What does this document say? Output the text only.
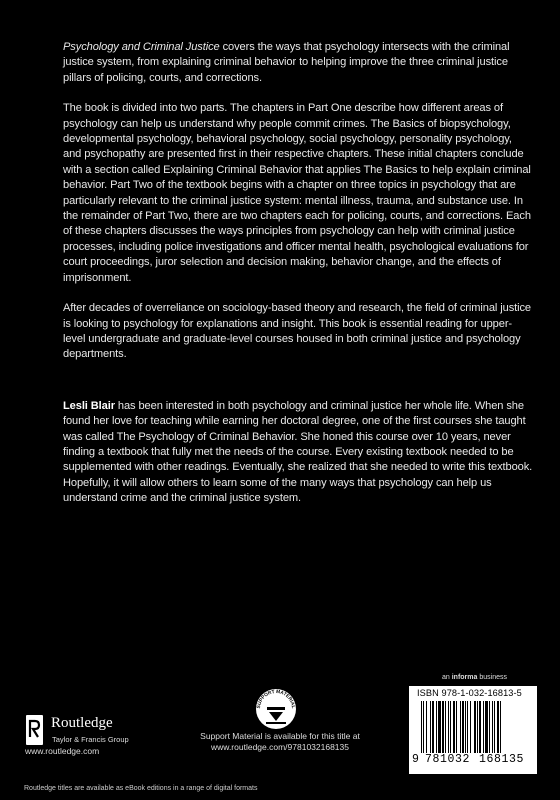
Psychology and Criminal Justice covers the ways that psychology intersects with the criminal justice system, from explaining criminal behavior to helping improve the three criminal justice pillars of policing, courts, and corrections.

The book is divided into two parts. The chapters in Part One describe how different areas of psychology can help us understand why people commit crimes. The Basics of biopsychology, developmental psychology, behavioral psychology, social psychology, personality psychology, and psychopathy are presented first in their respective chapters. These initial chapters conclude with a section called Explaining Criminal Behavior that applies The Basics to help explain criminal behavior. Part Two of the textbook begins with a chapter on three topics in psychology that are particularly relevant to the criminal justice system: mental illness, trauma, and substance use. In the remainder of Part Two, there are two chapters each for policing, courts, and corrections. Each of these chapters discusses the ways principles from psychology can help with criminal justice processes, including police investigations and officer mental health, psychological evaluations for court proceedings, juror selection and decision making, behavior change, and the effects of imprisonment.

After decades of overreliance on sociology-based theory and research, the field of criminal justice is looking to psychology for explanations and insight. This book is essential reading for upper-level undergraduate and graduate-level courses housed in both criminal justice and psychology departments.

Lesli Blair has been interested in both psychology and criminal justice her whole life. When she found her love for teaching while earning her doctoral degree, one of the first courses she taught was called The Psychology of Criminal Behavior. She honed this course over 10 years, never finding a textbook that fully met the needs of the course. Every existing textbook needed to be supplemented with other readings. Eventually, she realized that she needed to write this textbook. Hopefully, it will allow others to learn some of the many ways that psychology can help us understand crime and the criminal justice system.

an informa business
Routledge
Taylor & Francis Group
www.routledge.com
SUPPORT MATERIAL
Support Material is available for this title at
www.routledge.com/9781032168135
ISBN 978-1-032-16813-5
9 781032 168135
Routledge titles are available as eBook editions in a range of digital formats
